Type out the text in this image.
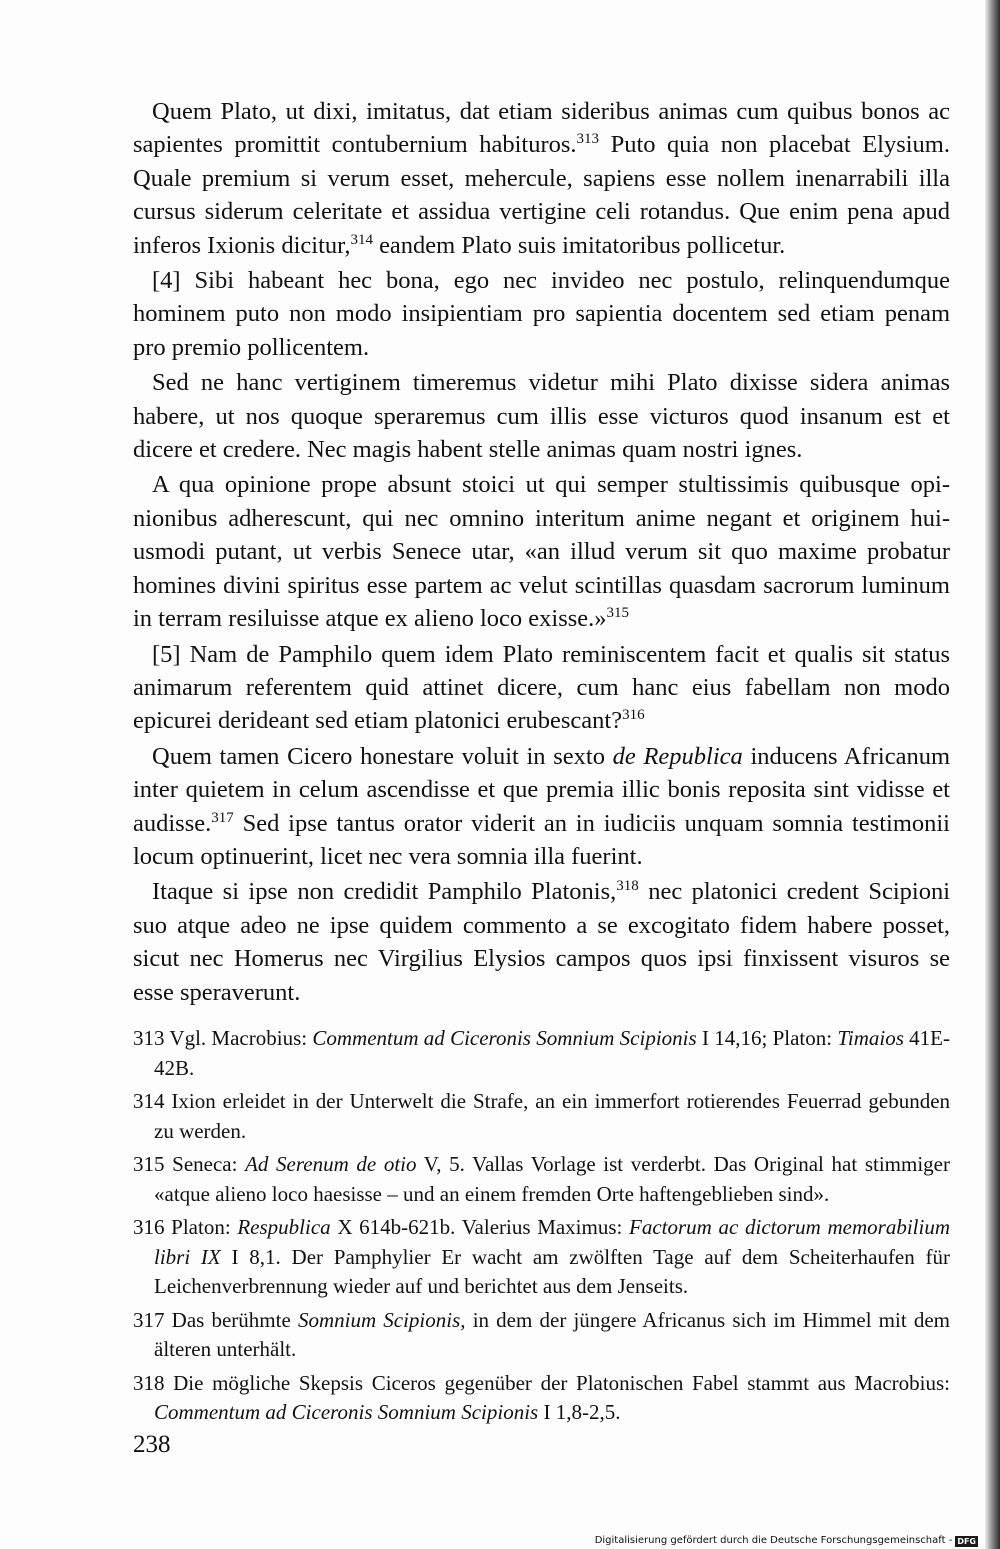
Quem Plato, ut dixi, imitatus, dat etiam sideribus animas cum quibus bonos ac sapientes promittit contubernium habituros.$^{313}$ Puto quia non placebat Elysium. Quale premium si verum esset, mehercule, sapiens esse nollem inenarrabili illa cursus siderum celeritate et assidua vertigine celi rotandus. Que enim pena apud inferos Ixionis dicitur,$^{314}$ eandem Plato suis imitatoribus pollicetur.

[4] Sibi habeant hec bona, ego nec invideo nec postulo, relinquendumque hominem puto non modo insipientiam pro sapientia docentem sed etiam penam pro premio pollicentem.

Sed ne hanc vertiginem timeremus videtur mihi Plato dixisse sidera animas habere, ut nos quoque speraremus cum illis esse victuros quod insanum est et dicere et credere. Nec magis habent stelle animas quam nostri ignes.

A qua opinione prope absunt stoici ut qui semper stultissimis quibusque opinionibus adherescunt, qui nec omnino interitum anime negant et originem huiusmodi putant, ut verbis Senece utar, «an illud verum sit quo maxime probatur homines divini spiritus esse partem ac velut scintillas quasdam sacrorum luminum in terram resiluisse atque ex alieno loco exisse.»$^{315}$

[5] Nam de Pamphilo quem idem Plato reminiscentem facit et qualis sit status animarum referentem quid attinet dicere, cum hanc eius fabellam non modo epicurei derideant sed etiam platonici erubescant?$^{316}$

Quem tamen Cicero honestare voluit in sexto de Republica inducens Africanum inter quietem in celum ascendisse et que premia illic bonis reposita sint vidisse et audisse.$^{317}$ Sed ipse tantus orator viderit an in iudiciis unquam somnia testimonii locum optinuerint, licet nec vera somnia illa fuerint.

Itaque si ipse non credidit Pamphilo Platonis,$^{318}$ nec platonici credent Scipioni suo atque adeo ne ipse quidem commento a se excogitato fidem habere posset, sicut nec Homerus nec Virgilius Elysios campos quos ipsi finxissent visuros se esse speraverunt.

313 Vgl. Macrobius: Commentum ad Ciceronis Somnium Scipionis I 14,16; Platon: Timaios 41E-42B.

314 Ixion erleidet in der Unterwelt die Strafe, an ein immerfort rotierendes Feuerrad gebunden zu werden.

315 Seneca: Ad Serenum de otio V, 5. Vallas Vorlage ist verderbt. Das Original hat stimmiger «atque alieno loco haesisse – und an einem fremden Orte haftengeblieben sind».

316 Platon: Respublica X 614b-621b. Valerius Maximus: Factorum ac dictorum memorabilium libri IX I 8,1. Der Pamphylier Er wacht am zwölften Tage auf dem Scheiterhaufen für Leichenverbrennung wieder auf und berichtet aus dem Jenseits.

317 Das berühmte Somnium Scipionis, in dem der jüngere Africanus sich im Himmel mit dem älteren unterhält.

318 Die mögliche Skepsis Ciceros gegenüber der Platonischen Fabel stammt aus Macrobius: Commentum ad Ciceronis Somnium Scipionis I 1,8-2,5.

238
Digitalisierung gefördert durch die Deutsche Forschungsgemeinschaft - DFG
